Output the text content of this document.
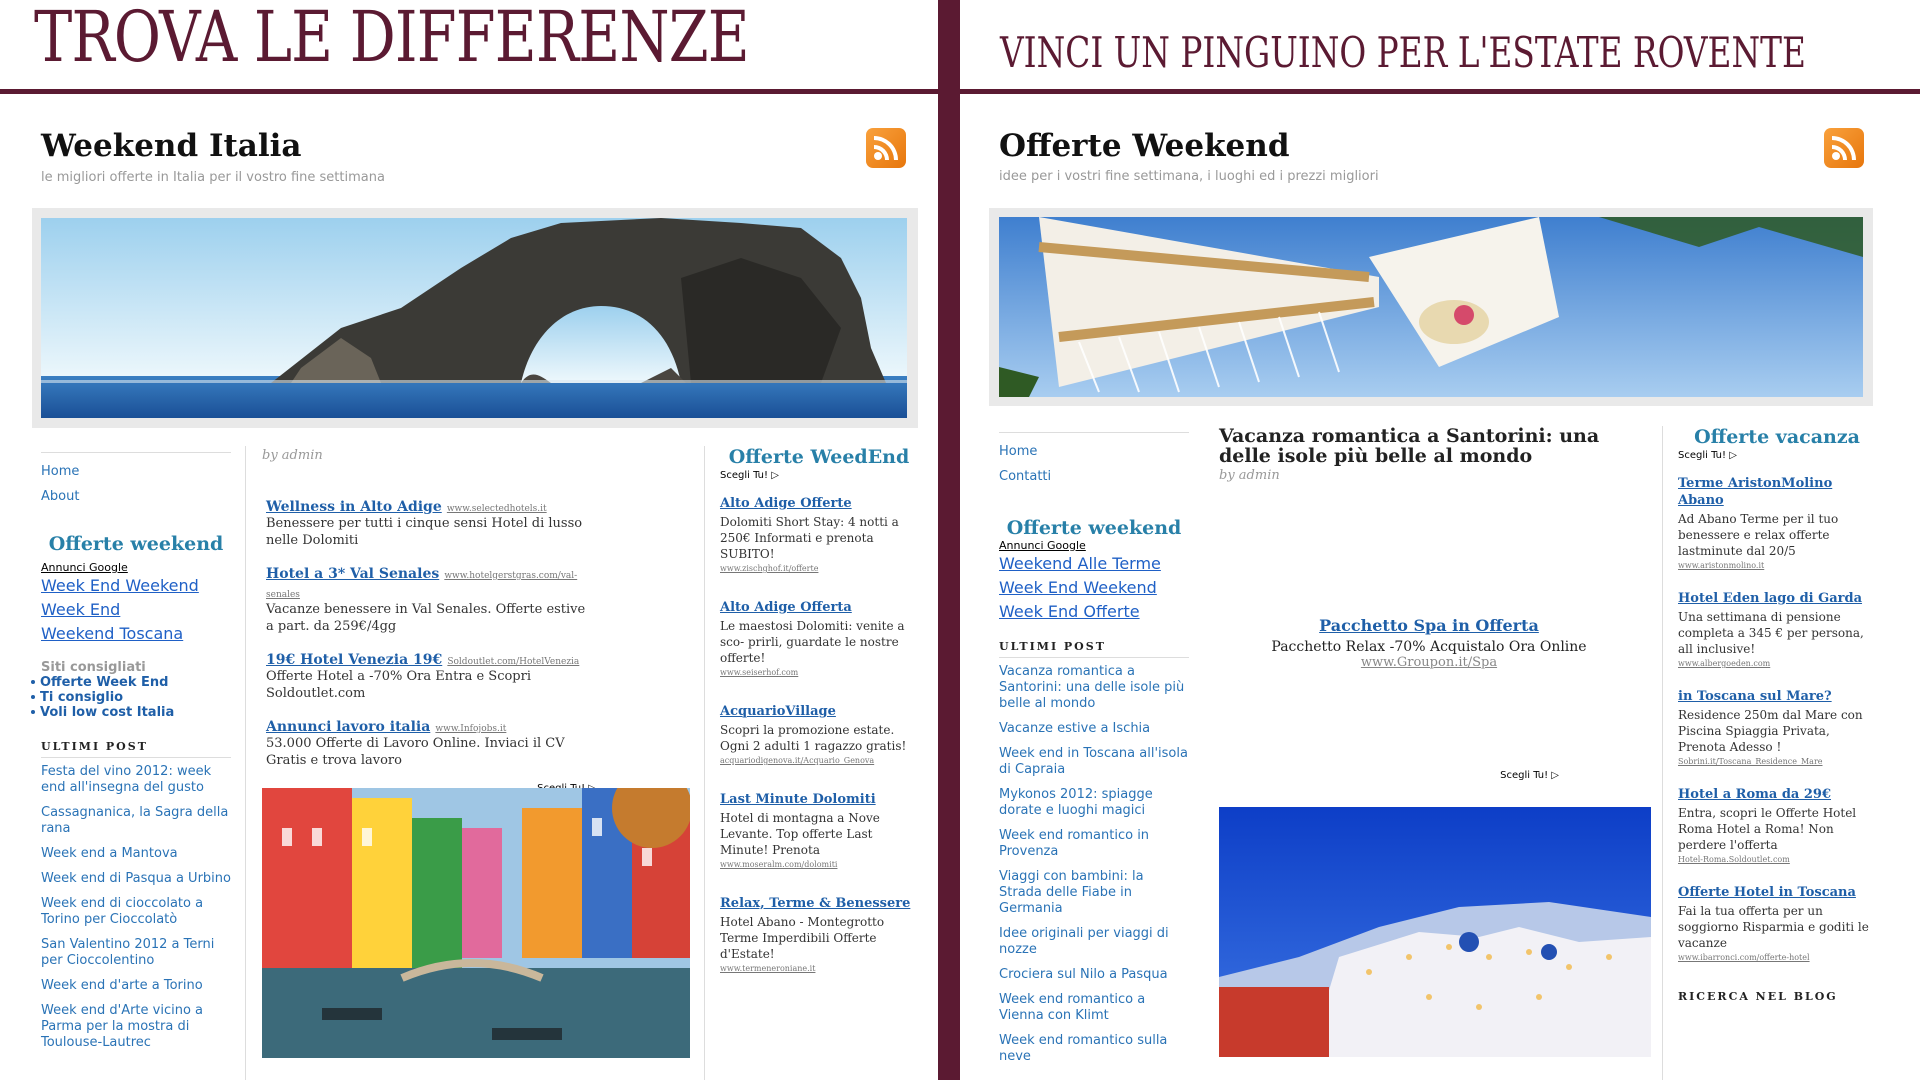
TROVA LE DIFFERENZE
Weekend Italia
le migliori offerte in Italia per il vostro fine settimana
Home
About
Offerte weekend
Annunci Google
Week End Weekend
Week End
Weekend Toscana
Siti consigliati
Offerte Week End
Ti consiglio
Voli low cost Italia
ULTIMI POST
Festa del vino 2012: week end all'insegna del gusto
Cassagnanica, la Sagra della rana
Week end a Mantova
Week end di Pasqua a Urbino
Week end di cioccolato a Torino per Cioccolatò
San Valentino 2012 a Terni per Cioccolentino
Week end d'arte a Torino
Week end d'Arte vicino a Parma per la mostra di Toulouse-Lautrec
by admin
Wellness in Alto Adige www.selectedhotels.it
Benessere per tutti i cinque sensi Hotel di lusso nelle Dolomiti
Hotel a 3* Val Senales www.hotelgerstgras.com/val-senales
Vacanze benessere in Val Senales. Offerte estive a part. da 259€/4gg
19€ Hotel Venezia 19€ Soldoutlet.com/HotelVenezia
Offerte Hotel a -70% Ora Entra e Scopri Soldoutlet.com
Annunci lavoro italia www.Infojobs.it
53.000 Offerte di Lavoro Online. Inviaci il CV Gratis e trova lavoro
Offerte WeedEnd
Scegli Tu! ▷
Alto Adige Offerte
Dolomiti Short Stay: 4 notti a 250€ Informati e prenota SUBITO!
www.zischghof.it/offerte
Alto Adige Offerta
Le maestosi Dolomiti: venite a sco- prirli, guardate le nostre offerte!
www.seiserhof.com
AcquarioVillage
Scopri la promozione estate. Ogni 2 adulti 1 ragazzo gratis!
acquariodigenova.it/Acquario_Genova
Last Minute Dolomiti
Hotel di montagna a Nove Levante. Top offerte Last Minute! Prenota
www.moseralm.com/dolomiti
Relax, Terme & Benessere
Hotel Abano - Montegrotto Terme Imperdibili Offerte d'Estate!
www.termeneroniane.it
VINCI UN PINGUINO PER L'ESTATE ROVENTE
Offerte Weekend
idee per i vostri fine settimana, i luoghi ed i prezzi migliori
Home
Contatti
Offerte weekend
Annunci Google
Weekend Alle Terme
Week End Weekend
Week End Offerte
ULTIMI POST
Vacanza romantica a Santorini: una delle isole più belle al mondo
Vacanze estive a Ischia
Week end in Toscana all'isola di Capraia
Mykonos 2012: spiagge dorate e luoghi magici
Week end romantico in Provenza
Viaggi con bambini: la Strada delle Fiabe in Germania
Idee originali per viaggi di nozze
Crociera sul Nilo a Pasqua
Week end romantico a Vienna con Klimt
Week end romantico sulla neve
Vacanza romantica a Santorini: una delle isole più belle al mondo
by admin
Pacchetto Spa in Offerta
Pacchetto Relax -70% Acquistalo Ora Online
www.Groupon.it/Spa
Scegli Tu! ▷
Offerte vacanza
Scegli Tu! ▷
Terme AristonMolino Abano
Ad Abano Terme per il tuo benessere e relax offerte lastminute dal 20/5
www.aristonmolino.it
Hotel Eden lago di Garda
Una settimana di pensione completa a 345 € per persona, all inclusive!
www.albergoeden.com
in Toscana sul Mare?
Residence 250m dal Mare con Piscina Spiaggia Privata, Prenota Adesso !
Sobrini.it/Toscana_Residence_Mare
Hotel a Roma da 29€
Entra, scopri le Offerte Hotel Roma Hotel a Roma! Non perdere l'offerta
Hotel-Roma.Soldoutlet.com
Offerte Hotel in Toscana
Fai la tua offerta per un soggiorno Risparmia e goditi le vacanze
www.ibarronci.com/offerte-hotel
RICERCA NEL BLOG
